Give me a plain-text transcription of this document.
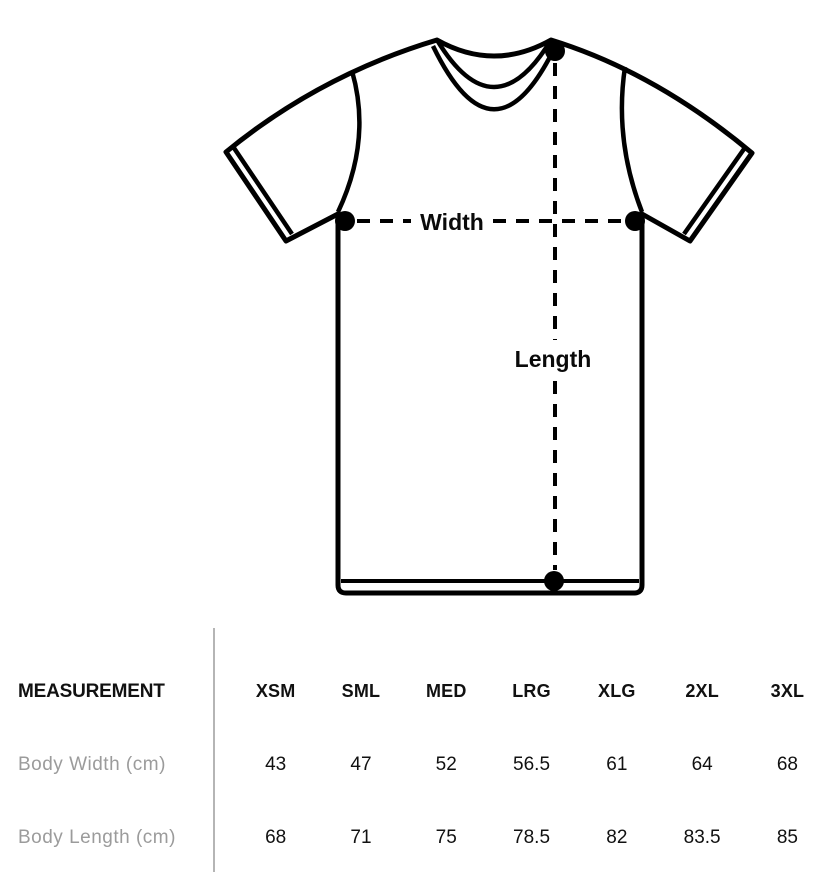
Width
Length
MEASUREMENT	XSM	SML	MED	LRG	XLG	2XL	3XL
Body Width (cm)	43	47	52	56.5	61	64	68
Body Length (cm)	68	71	75	78.5	82	83.5	85
